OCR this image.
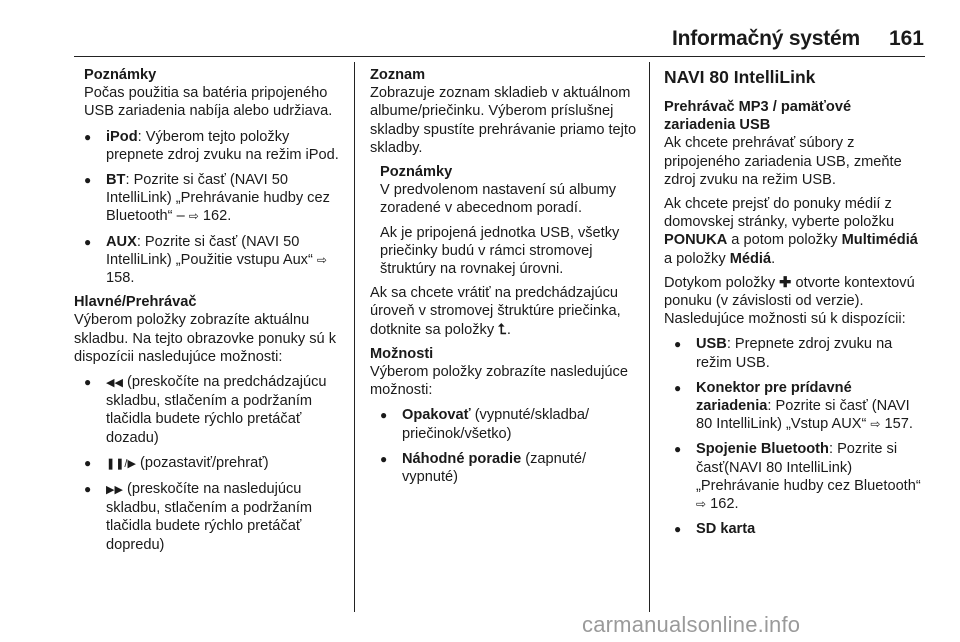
Informačný systém 161

Poznámky

Počas použitia sa batéria pripojeného USB zariadenia nabíja alebo udržiava.

● iPod: Výberom tejto položky prepnete zdroj zvuku na režim iPod.
● BT: Pozrite si časť (NAVI 50 IntelliLink) „Prehrávanie hudby cez Bluetooth“ – ⇨ 162.
● AUX: Pozrite si časť (NAVI 50 IntelliLink) „Použitie vstupu Aux“ ⇨ 158.

Hlavné/Prehrávač

Výberom položky zobrazíte aktuálnu skladbu. Na tejto obrazovke ponuky sú k dispozícii nasledujúce možnosti:

● ◀◀ (preskočíte na predchádzajúcu skladbu, stlačením a podržaním tlačidla budete rýchlo pretáčať dozadu)
● ❚❚/▶ (pozastaviť/prehrať)
● ▶▶ (preskočíte na nasledujúcu skladbu, stlačením a podržaním tlačidla budete rýchlo pretáčať dopredu)

Zoznam

Zobrazuje zoznam skladieb v aktuálnom albume/priečinku. Výberom príslušnej skladby spustíte prehrávanie priamo tejto skladby.

Poznámky

V predvolenom nastavení sú albumy zoradené v abecednom poradí.

Ak je pripojená jednotka USB, všetky priečinky budú v rámci stromovej štruktúry na rovnakej úrovni.

Ak sa chcete vrátiť na predchádzajúcu úroveň v stromovej štruktúre priečinka, dotknite sa položky ⮤.

Možnosti

Výberom položky zobrazíte nasledujúce možnosti:

● Opakovať (vypnuté/skladba/ priečinok/všetko)
● Náhodné poradie (zapnuté/ vypnuté)

NAVI 80 IntelliLink

Prehrávač MP3 / pamäťové zariadenia USB

Ak chcete prehrávať súbory z pripojeného zariadenia USB, zmeňte zdroj zvuku na režim USB.

Ak chcete prejsť do ponuky médií z domovskej stránky, vyberte položku PONUKA a potom položky Multimédiá a položky Médiá.

Dotykom položky ✚ otvorte kontextovú ponuku (v závislosti od verzie). Nasledujúce možnosti sú k dispozícii:

● USB: Prepnete zdroj zvuku na režim USB.
● Konektor pre prídavné zariadenia: Pozrite si časť (NAVI 80 IntelliLink) „Vstup AUX“ ⇨ 157.
● Spojenie Bluetooth: Pozrite si časť(NAVI 80 IntelliLink) „Prehrávanie hudby cez Bluetooth“ ⇨ 162.
● SD karta
carmanualsonline.info
